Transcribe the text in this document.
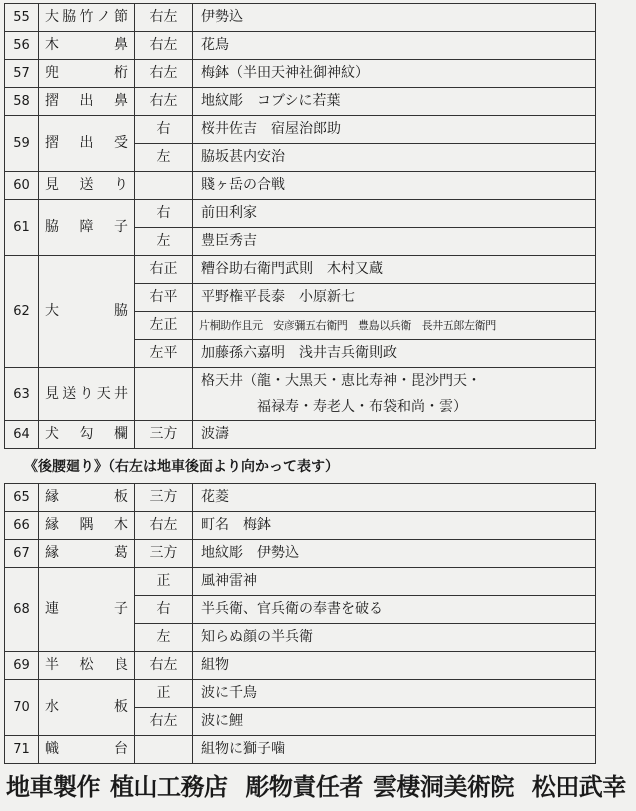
55	大脇竹ノ節	右左	伊勢込
56	木　　鼻	右左	花鳥
57	兜　　桁	右左	梅鉢（半田天神社御神紋）
58	摺 出 鼻	右左	地紋彫　コブシに若葉
59	摺 出 受	右	桜井佐吉　宿屋治郎助
		左	脇坂甚内安治
60	見 送 り		賤ヶ岳の合戦
61	脇 障 子	右	前田利家
		左	豊臣秀吉
62	大　　脇	右正	糟谷助右衛門武則　木村又蔵
		右平	平野権平長泰　小原新七
		左正	片桐助作且元　安彦彌五右衛門　豊島以兵衛　長井五郎左衛門
		左平	加藤孫六嘉明　浅井吉兵衛則政
63	見送り天井		格天井（龍・大黒天・恵比寿神・毘沙門天・
福禄寿・寿老人・布袋和尚・雲）

64	犬 勾 欄	三方	波濤
《後腰廻り》（右左は地車後面より向かって表す）
65	縁　　板	三方	花菱
66	縁 隅 木	右左	町名　梅鉢
67	縁　　葛	三方	地紋彫　伊勢込
68	連　　子	正	風神雷神
		右	半兵衛、官兵衛の奉書を破る
		左	知らぬ顔の半兵衛
69	半 松 良	右左	組物
70	水　　板	正	波に千鳥
		右左	波に鯉
71	幟　　台		組物に獅子噛
地車製作 植山工務店 彫物責任者 雲棲洞美術院 松田武幸
